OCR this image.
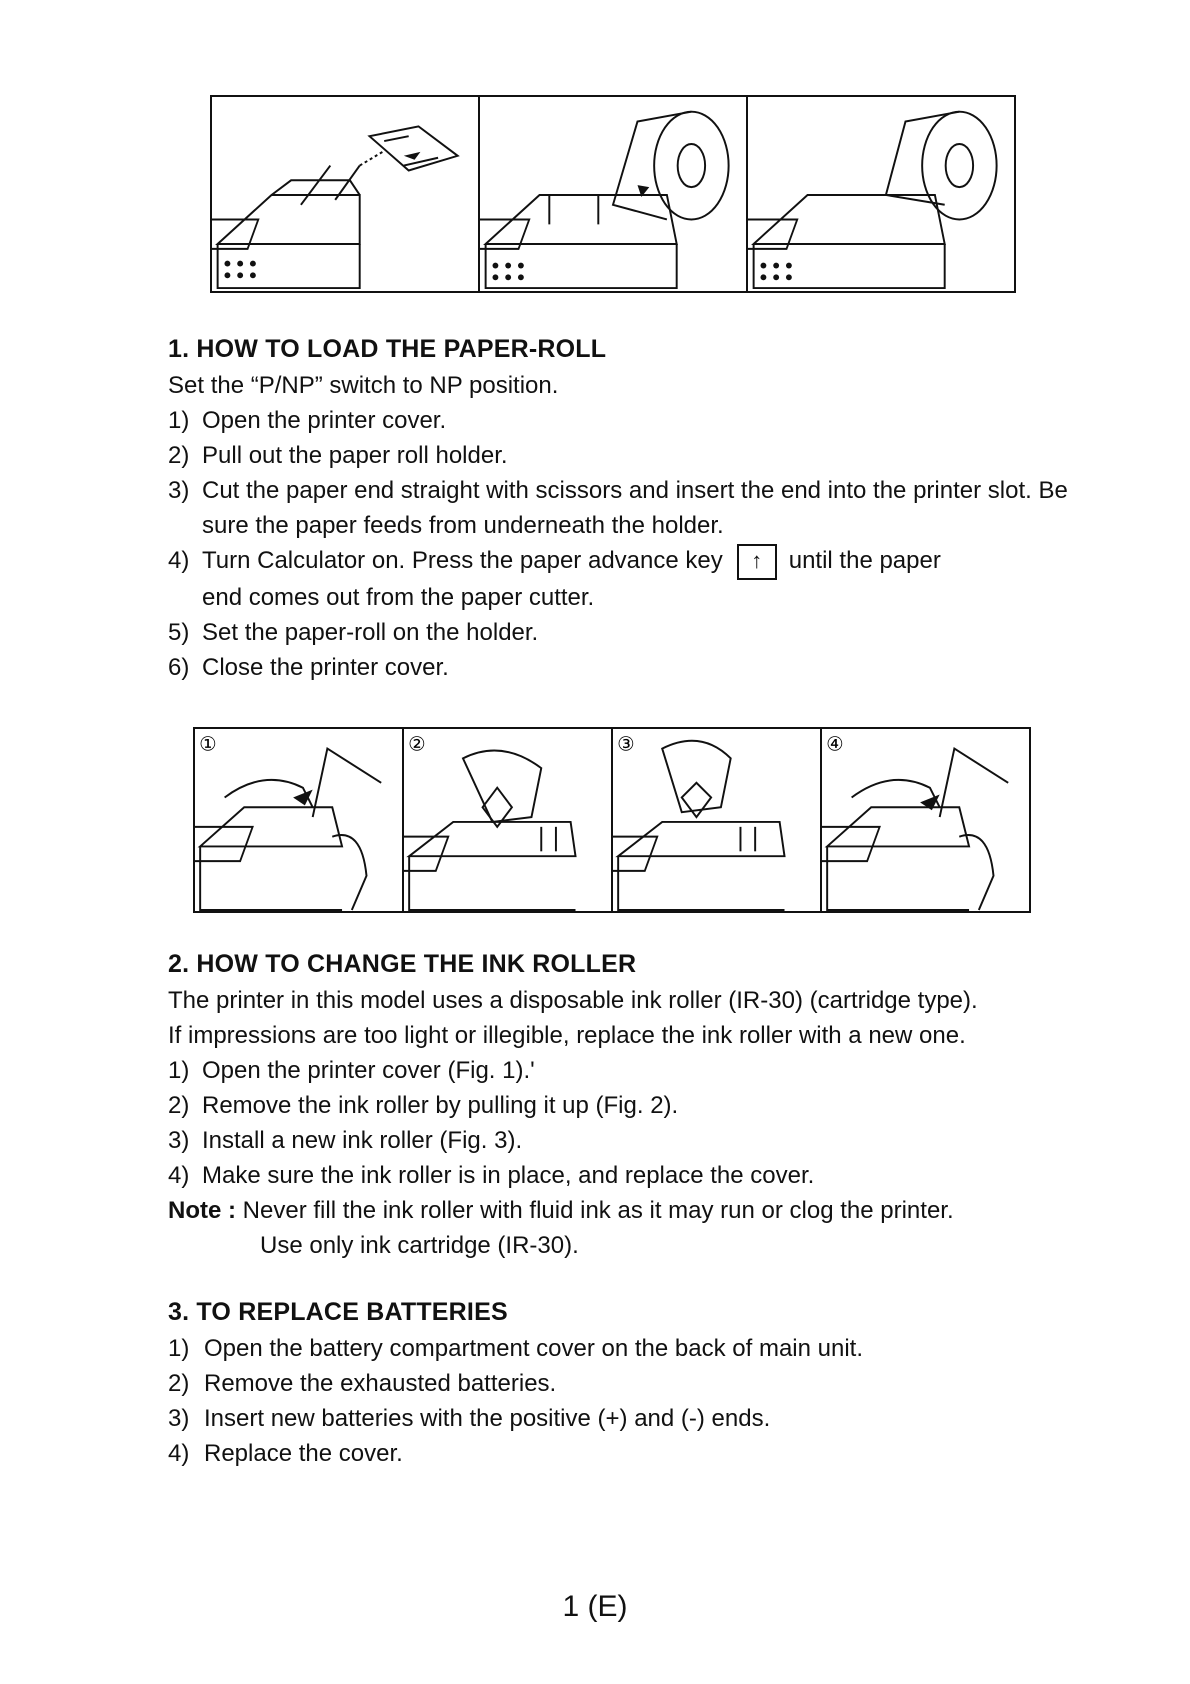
1. HOW TO LOAD THE PAPER-ROLL
Set the “P/NP” switch to NP position.
1) Open the printer cover.
2) Pull out the paper roll holder.
3) Cut the paper end straight with scissors and insert the end into the printer slot. Be sure the paper feeds from underneath the holder.
4) Turn Calculator on. Press the paper advance key ↑ until the paper
end comes out from the paper cutter.
5) Set the paper-roll on the holder.
6) Close the printer cover.
①	②	③	④
2. HOW TO CHANGE THE INK ROLLER
The printer in this model uses a disposable ink roller (IR-30) (cartridge type).
If impressions are too light or illegible, replace the ink roller with a new one.
1) Open the printer cover (Fig. 1).'
2) Remove the ink roller by pulling it up (Fig. 2).
3) Install a new ink roller (Fig. 3).
4) Make sure the ink roller is in place, and replace the cover.
Note : Never fill the ink roller with fluid ink as it may run or clog the printer.
Use only ink cartridge (IR-30).
3. TO REPLACE BATTERIES
1) Open the battery compartment cover on the back of main unit.
2) Remove the exhausted batteries.
3) Insert new batteries with the positive (+) and (-) ends.
4) Replace the cover.
1 (E)
